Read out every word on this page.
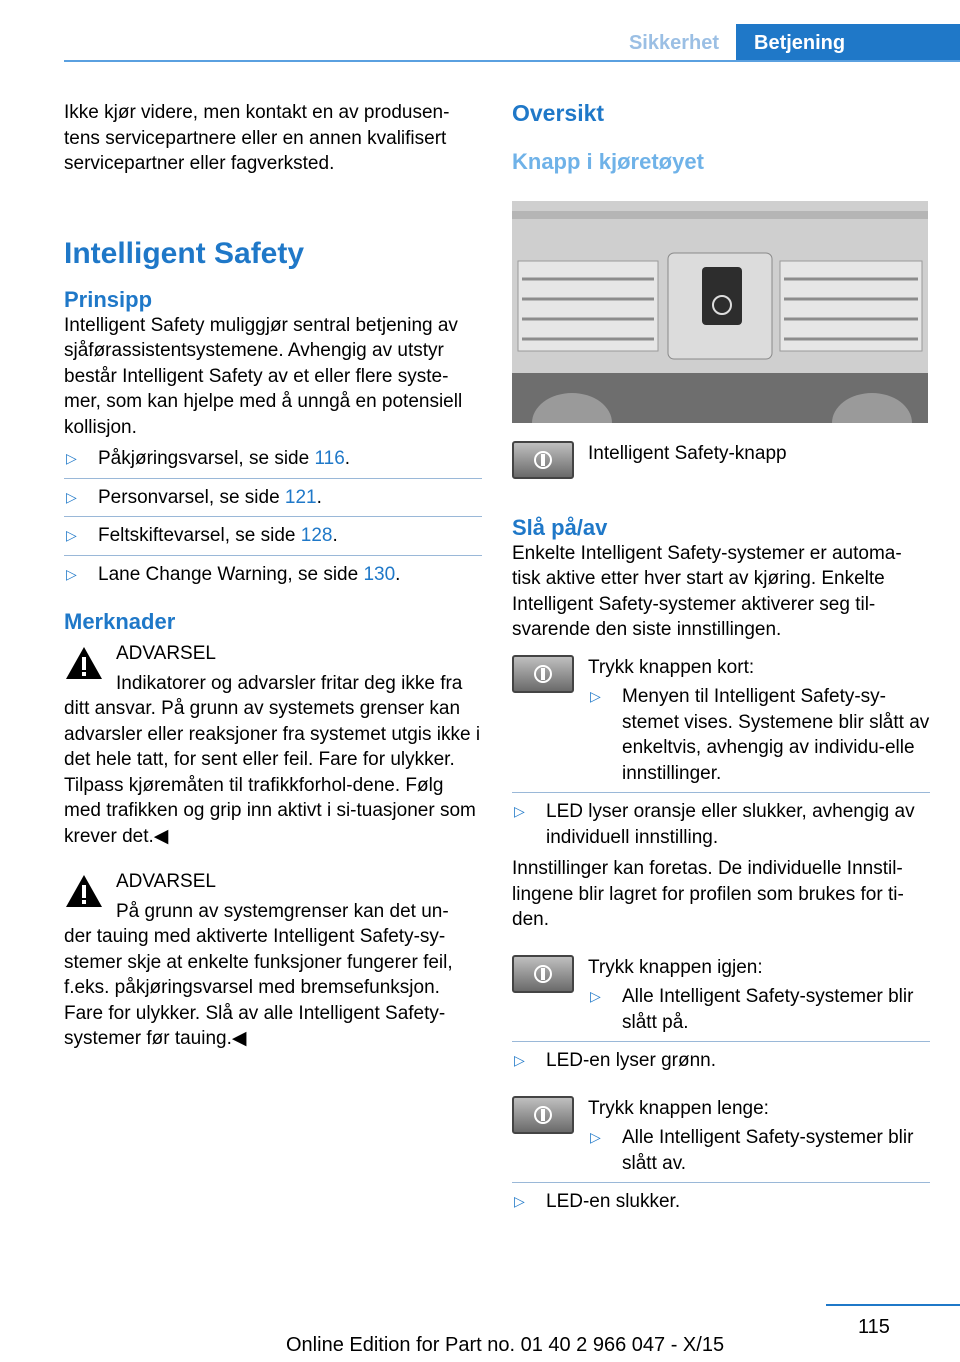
Sikkerhet	Betjening

Ikke kjør videre, men kontakt en av produsen-tens servicepartnere eller en annen kvalifisert servicepartner eller fagverksted.

Intelligent Safety
Prinsipp

Intelligent Safety muliggjør sentral betjening av sjåførassistentsystemene. Avhengig av utstyr består Intelligent Safety av et eller flere syste-mer, som kan hjelpe med å unngå en potensiell kollisjon.

▷ Påkjøringsvarsel, se side 116.
▷ Personvarsel, se side 121.
▷ Feltskiftevarsel, se side 128.
▷ Lane Change Warning, se side 130.
Merknader

ADVARSEL

Indikatorer og advarsler fritar deg ikke fra

ditt ansvar. På grunn av systemets grenser kan advarsler eller reaksjoner fra systemet utgis ikke i det hele tatt, for sent eller feil. Fare for ulykker. Tilpass kjøremåten til trafikkforhol-dene. Følg med trafikken og grip inn aktivt i si-tuasjoner som krever det.◀

ADVARSEL

På grunn av systemgrenser kan det un-

der tauing med aktiverte Intelligent Safety-sy-stemer skje at enkelte funksjoner fungerer feil, f.eks. påkjøringsvarsel med bremsefunksjon. Fare for ulykker. Slå av alle Intelligent Safety-systemer før tauing.◀

Oversikt

Knapp i kjøretøyet

Intelligent Safety-knapp

Slå på/av

Enkelte Intelligent Safety-systemer er automa-tisk aktive etter hver start av kjøring. Enkelte Intelligent Safety-systemer aktiverer seg til-svarende den siste innstillingen.

Trykk knappen kort:

▷ Menyen til Intelligent Safety-sy-stemet vises. Systemene blir slått av enkeltvis, avhengig av individu-elle innstillinger.
▷ LED lyser oransje eller slukker, avhengig av individuell innstilling.

Innstillinger kan foretas. De individuelle Innstil-lingene blir lagret for profilen som brukes for ti-den.

Trykk knappen igjen:

▷ Alle Intelligent Safety-systemer blir slått på.
▷ LED-en lyser grønn.

Trykk knappen lenge:

▷ Alle Intelligent Safety-systemer blir slått av.
▷ LED-en slukker.
115
Online Edition for Part no. 01 40 2 966 047 - X/15
